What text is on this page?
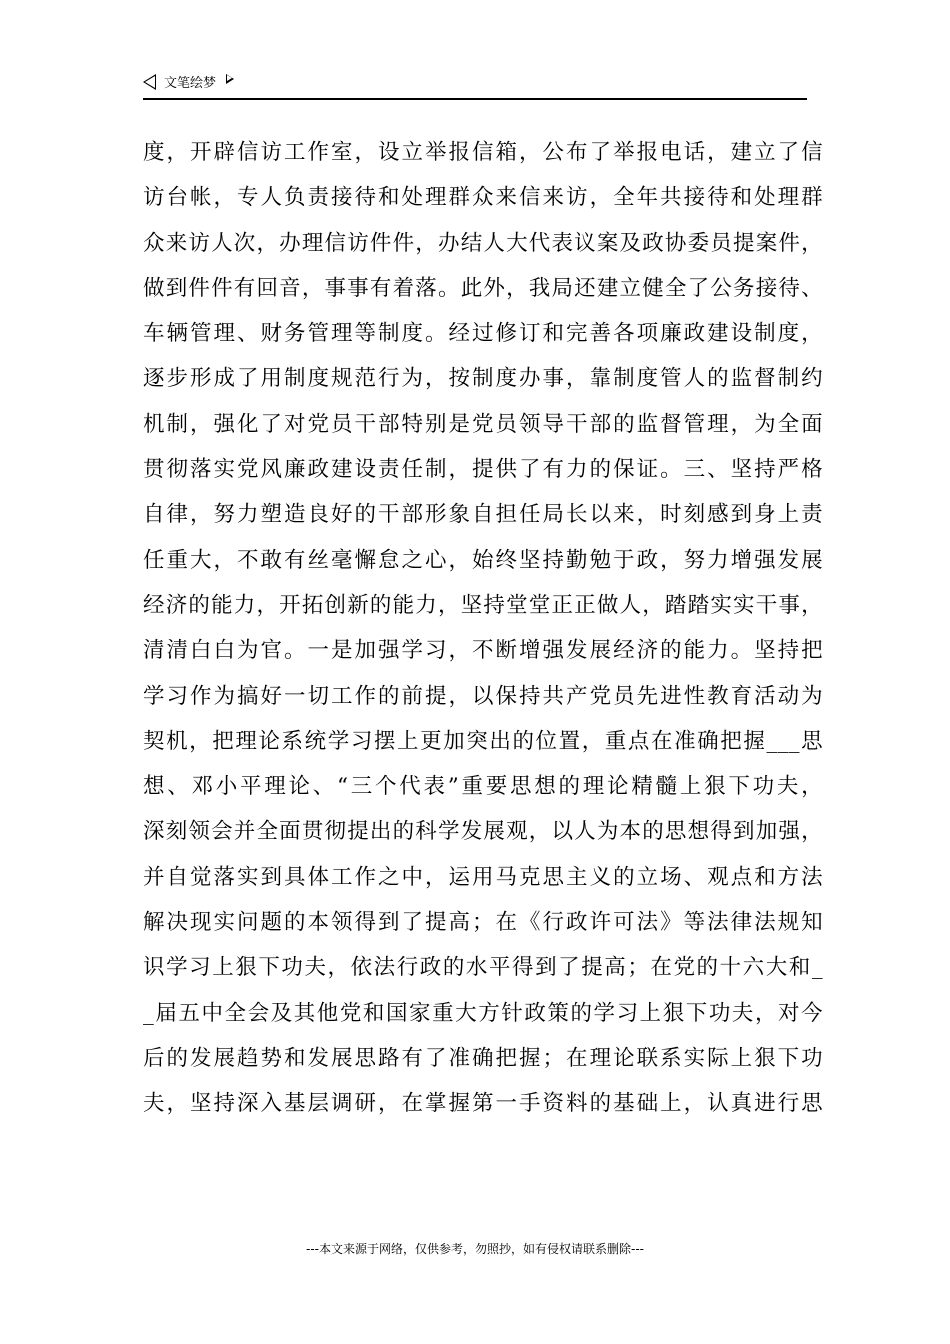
文笔绘梦
度，开辟信访工作室，设立举报信箱，公布了举报电话，建立了信
访台帐，专人负责接待和处理群众来信来访，全年共接待和处理群
众来访人次，办理信访件件，办结人大代表议案及政协委员提案件，
做到件件有回音，事事有着落。此外，我局还建立健全了公务接待、
车辆管理、财务管理等制度。经过修订和完善各项廉政建设制度，
逐步形成了用制度规范行为，按制度办事，靠制度管人的监督制约
机制，强化了对党员干部特别是党员领导干部的监督管理，为全面
贯彻落实党风廉政建设责任制，提供了有力的保证。三、坚持严格
自律，努力塑造良好的干部形象自担任局长以来，时刻感到身上责
任重大，不敢有丝毫懈怠之心，始终坚持勤勉于政，努力增强发展
经济的能力，开拓创新的能力，坚持堂堂正正做人，踏踏实实干事，
清清白白为官。一是加强学习，不断增强发展经济的能力。坚持把
学习作为搞好一切工作的前提，以保持共产党员先进性教育活动为
契机，把理论系统学习摆上更加突出的位置，重点在准确把握___思
想、邓小平理论、“三个代表”重要思想的理论精髓上狠下功夫，
深刻领会并全面贯彻提出的科学发展观，以人为本的思想得到加强，
并自觉落实到具体工作之中，运用马克思主义的立场、观点和方法
解决现实问题的本领得到了提高；在《行政许可法》等法律法规知
识学习上狠下功夫，依法行政的水平得到了提高；在党的十六大和_
_届五中全会及其他党和国家重大方针政策的学习上狠下功夫，对今
后的发展趋势和发展思路有了准确把握；在理论联系实际上狠下功
夫，坚持深入基层调研，在掌握第一手资料的基础上，认真进行思
---本文来源于网络，仅供参考，勿照抄，如有侵权请联系删除---
